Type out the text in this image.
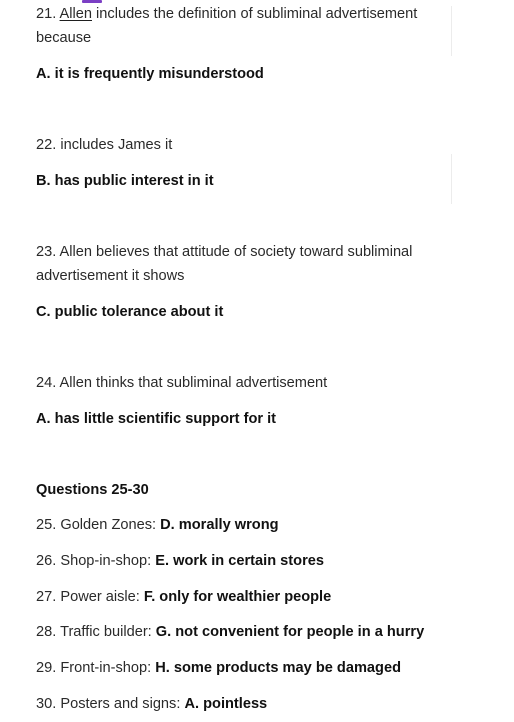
21. Allen includes the definition of subliminal advertisement
because
A. it is frequently misunderstood
22. includes James it
B. has public interest in it
23. Allen believes that attitude of society toward subliminal
advertisement it shows
C. public tolerance about it
24. Allen thinks that subliminal advertisement
A. has little scientific support for it
Questions 25-30
25. Golden Zones: D. morally wrong
26. Shop-in-shop: E. work in certain stores
27. Power aisle: F. only for wealthier people
28. Traffic builder: G. not convenient for people in a hurry
29. Front-in-shop: H. some products may be damaged
30. Posters and signs: A. pointless
